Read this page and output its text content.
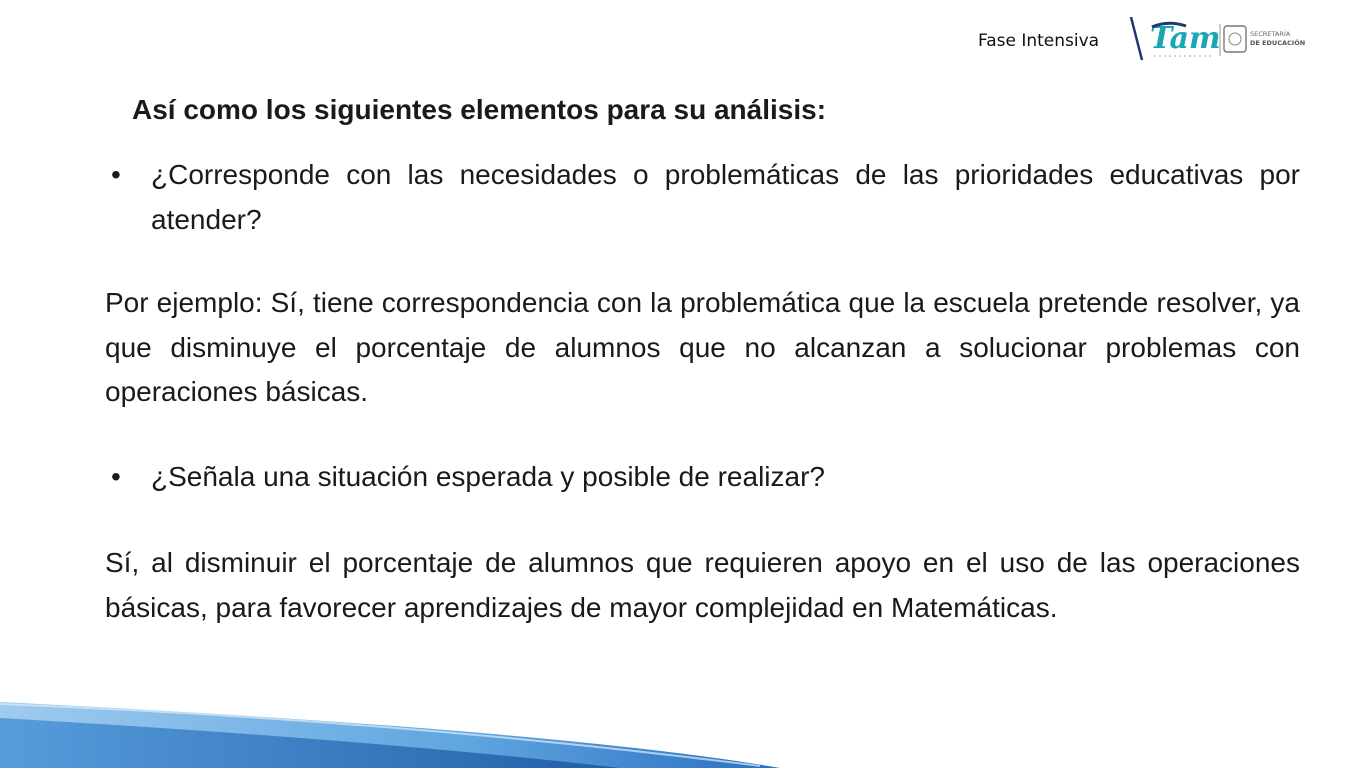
Fase Intensiva Tam	SECRETARÍA
DE EDUCACIÓN
Así como los siguientes elementos para su análisis:
• ¿Corresponde con las necesidades o problemáticas de las prioridades educativas por atender?
Por ejemplo: Sí, tiene correspondencia con la problemática que la escuela pretende resolver, ya que disminuye el porcentaje de alumnos que no alcanzan a solucionar problemas con operaciones básicas.
• ¿Señala una situación esperada y posible de realizar?
Sí, al disminuir el porcentaje de alumnos que requieren apoyo en el uso de las operaciones básicas, para favorecer aprendizajes de mayor complejidad en Matemáticas.
